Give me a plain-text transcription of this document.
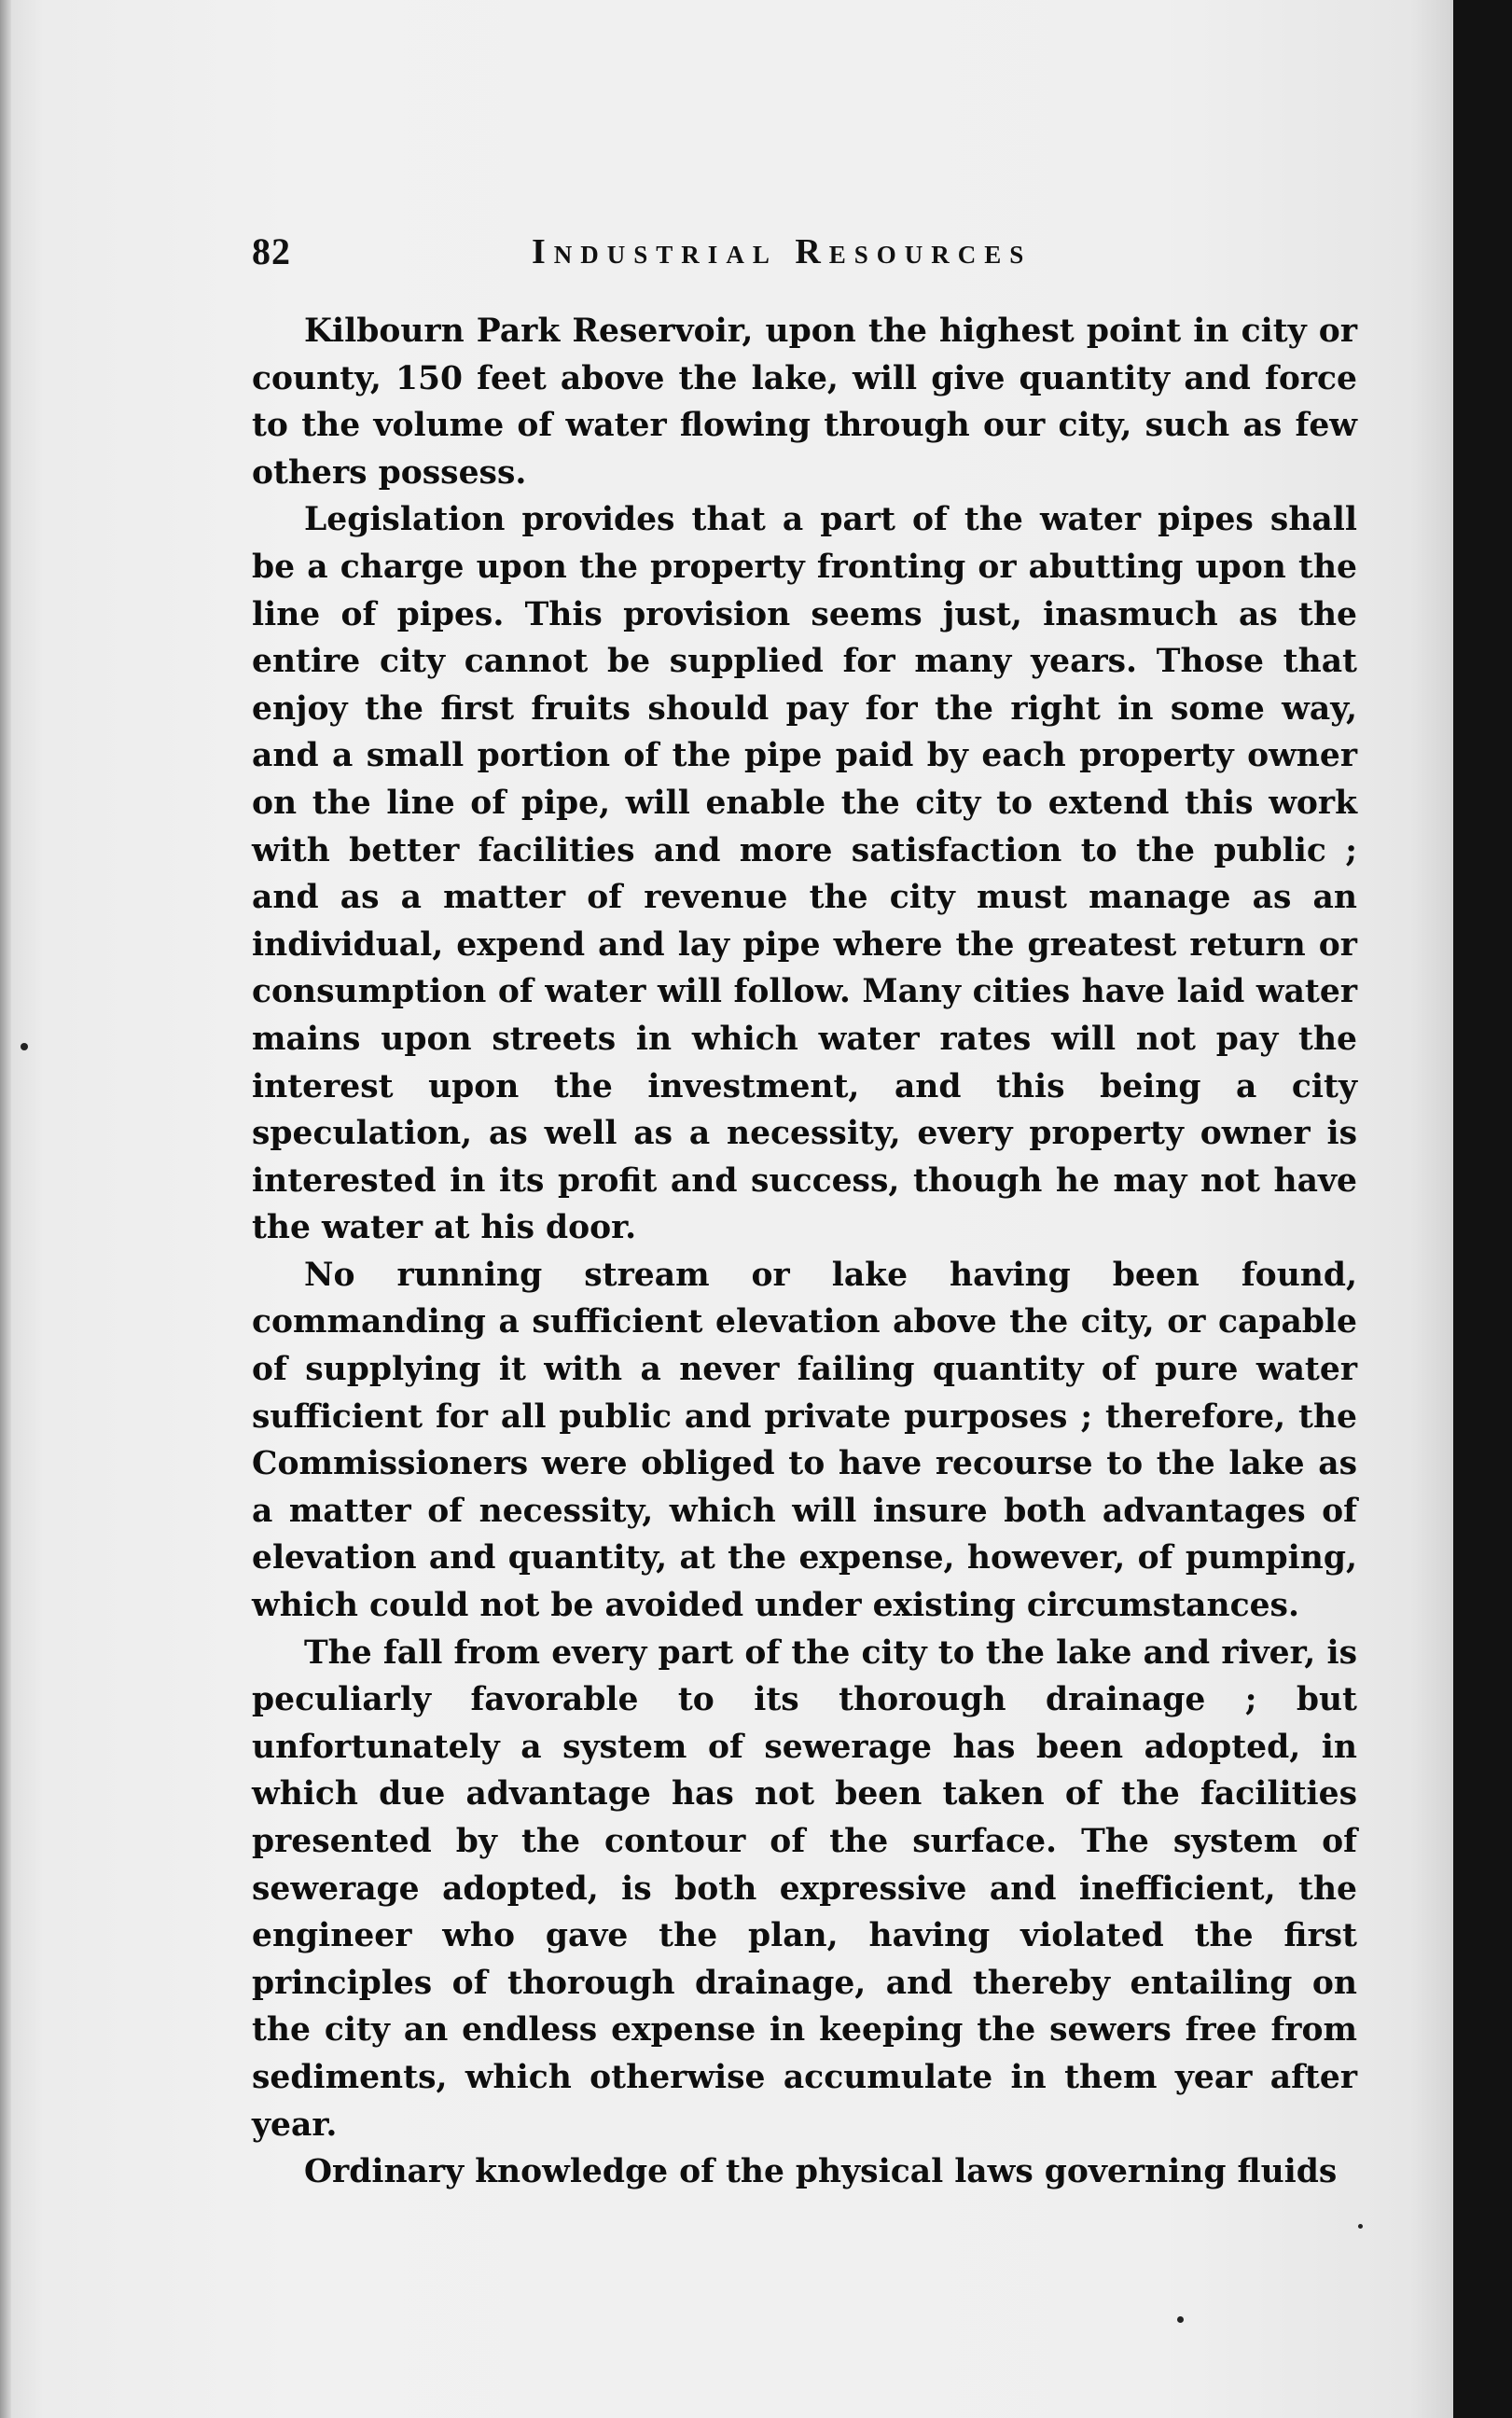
82	Industrial Resources

Kilbourn Park Reservoir, upon the highest point in city or county, 150 feet above the lake, will give quantity and force to the volume of water flowing through our city, such as few others possess.

Legislation provides that a part of the water pipes shall be a charge upon the property fronting or abutting upon the line of pipes. This provision seems just, inasmuch as the entire city cannot be supplied for many years. Those that enjoy the first fruits should pay for the right in some way, and a small portion of the pipe paid by each property owner on the line of pipe, will enable the city to extend this work with better facilities and more satisfaction to the public ; and as a matter of revenue the city must manage as an individual, expend and lay pipe where the greatest return or consumption of water will follow. Many cities have laid water mains upon streets in which water rates will not pay the interest upon the investment, and this being a city speculation, as well as a necessity, every property owner is interested in its profit and success, though he may not have the water at his door.

No running stream or lake having been found, commanding a sufficient elevation above the city, or capable of supplying it with a never failing quantity of pure water sufficient for all public and private purposes ; therefore, the Commissioners were obliged to have recourse to the lake as a matter of necessity, which will insure both advantages of elevation and quantity, at the expense, however, of pumping, which could not be avoided under existing circumstances.

The fall from every part of the city to the lake and river, is peculiarly favorable to its thorough drainage ; but unfortunately a system of sewerage has been adopted, in which due advantage has not been taken of the facilities presented by the contour of the surface. The system of sewerage adopted, is both expressive and inefficient, the engineer who gave the plan, having violated the first principles of thorough drainage, and thereby entailing on the city an endless expense in keeping the sewers free from sediments, which otherwise accumulate in them year after year.

Ordinary knowledge of the physical laws governing fluids
